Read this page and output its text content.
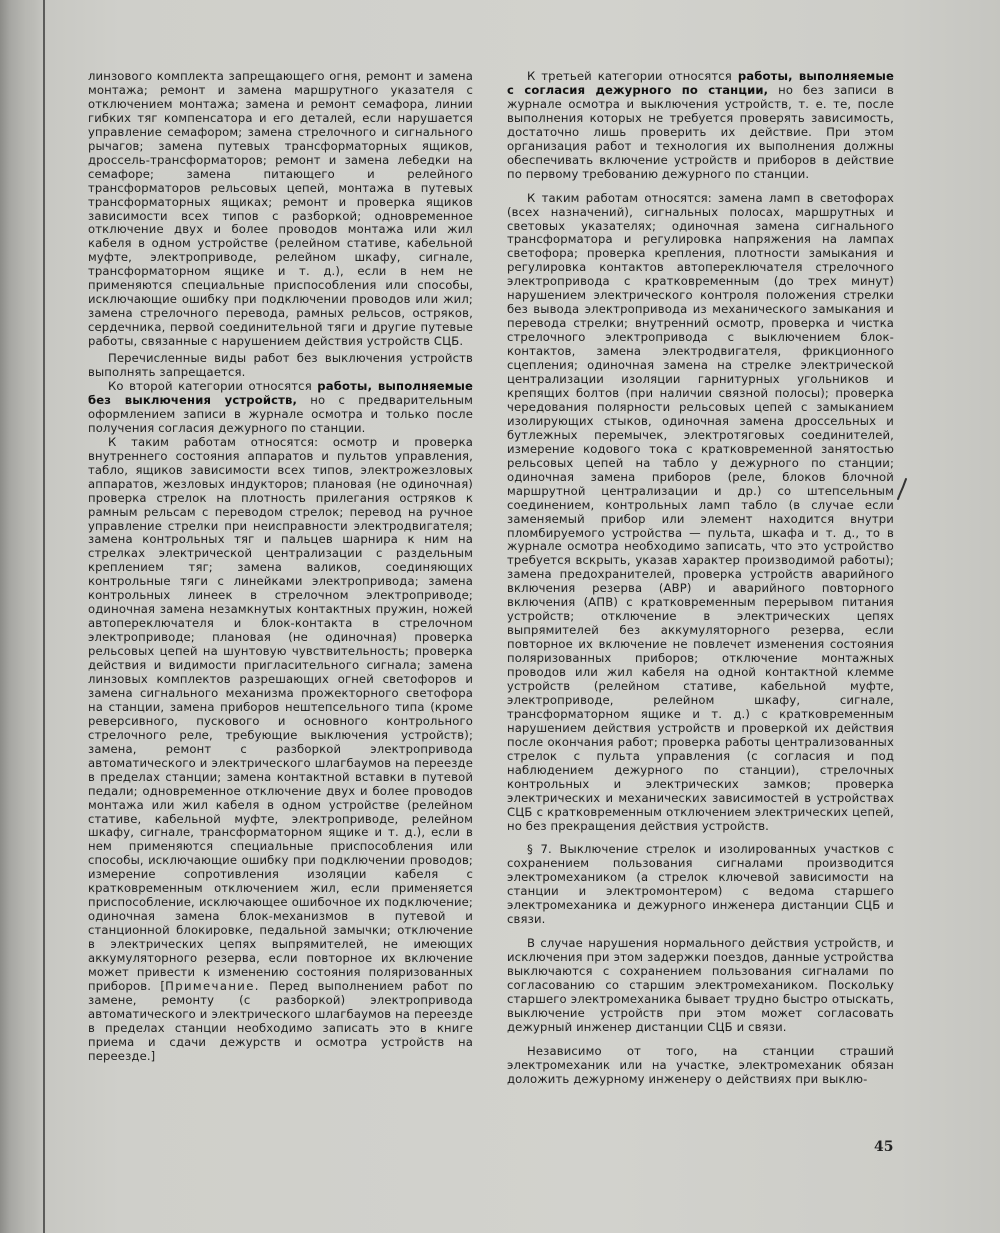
линзового комплекта запрещающего огня, ремонт и замена монтажа; ремонт и замена маршрутного указателя с отключением монтажа; замена и ремонт семафора, линии гибких тяг компенсатора и его деталей, если нарушается управление семафором; замена стрелочного и сигнального рычагов; замена путевых трансформаторных ящиков, дроссель-трансформаторов; ремонт и замена лебедки на семафоре; замена питающего и релейного трансформаторов рельсовых цепей, монтажа в путевых трансформаторных ящиках; ремонт и проверка ящиков зависимости всех типов с разборкой; одновременное отключение двух и более проводов монтажа или жил кабеля в одном устройстве (релейном стативе, кабельной муфте, электроприводе, релейном шкафу, сигнале, трансформаторном ящике и т. д.), если в нем не применяются специальные приспособления или способы, исключающие ошибку при подключении проводов или жил; замена стрелочного перевода, рамных рельсов, остряков, сердечника, первой соединительной тяги и другие путевые работы, связанные с нарушением действия устройств СЦБ.

Перечисленные виды работ без выключения устройств выполнять запрещается.

Ко второй категории относятся работы, выполняемые без выключения устройств, но с предварительным оформлением записи в журнале осмотра и только после получения согласия дежурного по станции.

К таким работам относятся: осмотр и проверка внутреннего состояния аппаратов и пультов управления, табло, ящиков зависимости всех типов, электрожезловых аппаратов, жезловых индукторов; плановая (не одиночная) проверка стрелок на плотность прилегания остряков к рамным рельсам с переводом стрелок; перевод на ручное управление стрелки при неисправности электродвигателя; замена контрольных тяг и пальцев шарнира к ним на стрелках электрической централизации с раздельным креплением тяг; замена валиков, соединяющих контрольные тяги с линейками электропривода; замена контрольных линеек в стрелочном электроприводе; одиночная замена незамкнутых контактных пружин, ножей автопереключателя и блок-контакта в стрелочном электроприводе; плановая (не одиночная) проверка рельсовых цепей на шунтовую чувствительность; проверка действия и видимости пригласительного сигнала; замена линзовых комплектов разрешающих огней светофоров и замена сигнального механизма прожекторного светофора на станции, замена приборов нештепсельного типа (кроме реверсивного, пускового и основного контрольного стрелочного реле, требующие выключения устройств); замена, ремонт с разборкой электропривода автоматического и электрического шлагбаумов на переезде в пределах станции; замена контактной вставки в путевой педали; одновременное отключение двух и более проводов монтажа или жил кабеля в одном устройстве (релейном стативе, кабельной муфте, электроприводе, релейном шкафу, сигнале, трансформаторном ящике и т. д.), если в нем применяются специальные приспособления или способы, исключающие ошибку при подключении проводов; измерение сопротивления изоляции кабеля с кратковременным отключением жил, если применяется приспособление, исключающее ошибочное их подключение; одиночная замена блок-механизмов в путевой и станционной блокировке, педальной замычки; отключение в электрических цепях выпрямителей, не имеющих аккумуляторного резерва, если повторное их включение может привести к изменению состояния поляризованных приборов. [Примечание. Перед выполнением работ по замене, ремонту (с разборкой) электропривода автоматического и электрического шлагбаумов на переезде в пределах станции необходимо записать это в книге приема и сдачи дежурств и осмотра устройств на переезде.]

К третьей категории относятся работы, выполняемые с согласия дежурного по станции, но без записи в журнале осмотра и выключения устройств, т. е. те, после выполнения которых не требуется проверять зависимость, достаточно лишь проверить их действие. При этом организация работ и технология их выполнения должны обеспечивать включение устройств и приборов в действие по первому требованию дежурного по станции.

К таким работам относятся: замена ламп в светофорах (всех назначений), сигнальных полосах, маршрутных и световых указателях; одиночная замена сигнального трансформатора и регулировка напряжения на лампах светофора; проверка крепления, плотности замыкания и регулировка контактов автопереключателя стрелочного электропривода с кратковременным (до трех минут) нарушением электрического контроля положения стрелки без вывода электропривода из механического замыкания и перевода стрелки; внутренний осмотр, проверка и чистка стрелочного электропривода с выключением блок-контактов, замена электродвигателя, фрикционного сцепления; одиночная замена на стрелке электрической централизации изоляции гарнитурных угольников и крепящих болтов (при наличии связной полосы); проверка чередования полярности рельсовых цепей с замыканием изолирующих стыков, одиночная замена дроссельных и бутлежных перемычек, электротяговых соединителей, измерение кодового тока с кратковременной занятостью рельсовых цепей на табло у дежурного по станции; одиночная замена приборов (реле, блоков блочной маршрутной централизации и др.) со штепсельным соединением, контрольных ламп табло (в случае если заменяемый прибор или элемент находится внутри пломбируемого устройства — пульта, шкафа и т. д., то в журнале осмотра необходимо записать, что это устройство требуется вскрыть, указав характер производимой работы); замена предохранителей, проверка устройств аварийного включения резерва (АВР) и аварийного повторного включения (АПВ) с кратковременным перерывом питания устройств; отключение в электрических цепях выпрямителей без аккумуляторного резерва, если повторное их включение не повлечет изменения состояния поляризованных приборов; отключение монтажных проводов или жил кабеля на одной контактной клемме устройств (релейном стативе, кабельной муфте, электроприводе, релейном шкафу, сигнале, трансформаторном ящике и т. д.) с кратковременным нарушением действия устройств и проверкой их действия после окончания работ; проверка работы централизованных стрелок с пульта управления (с согласия и под наблюдением дежурного по станции), стрелочных контрольных и электрических замков; проверка электрических и механических зависимостей в устройствах СЦБ с кратковременным отключением электрических цепей, но без прекращения действия устройств.

§ 7. Выключение стрелок и изолированных участков с сохранением пользования сигналами производится электромехаником (а стрелок ключевой зависимости на станции и электромонтером) с ведома старшего электромеханика и дежурного инженера дистанции СЦБ и связи.

В случае нарушения нормального действия устройств, и исключения при этом задержки поездов, данные устройства выключаются с сохранением пользования сигналами по согласованию со старшим электромехаником. Поскольку старшего электромеханика бывает трудно быстро отыскать, выключение устройств при этом может согласовать дежурный инженер дистанции СЦБ и связи.

Независимо от того, на станции страший электромеханик или на участке, электромеханик обязан доложить дежурному инженеру о действиях при выклю-

45
